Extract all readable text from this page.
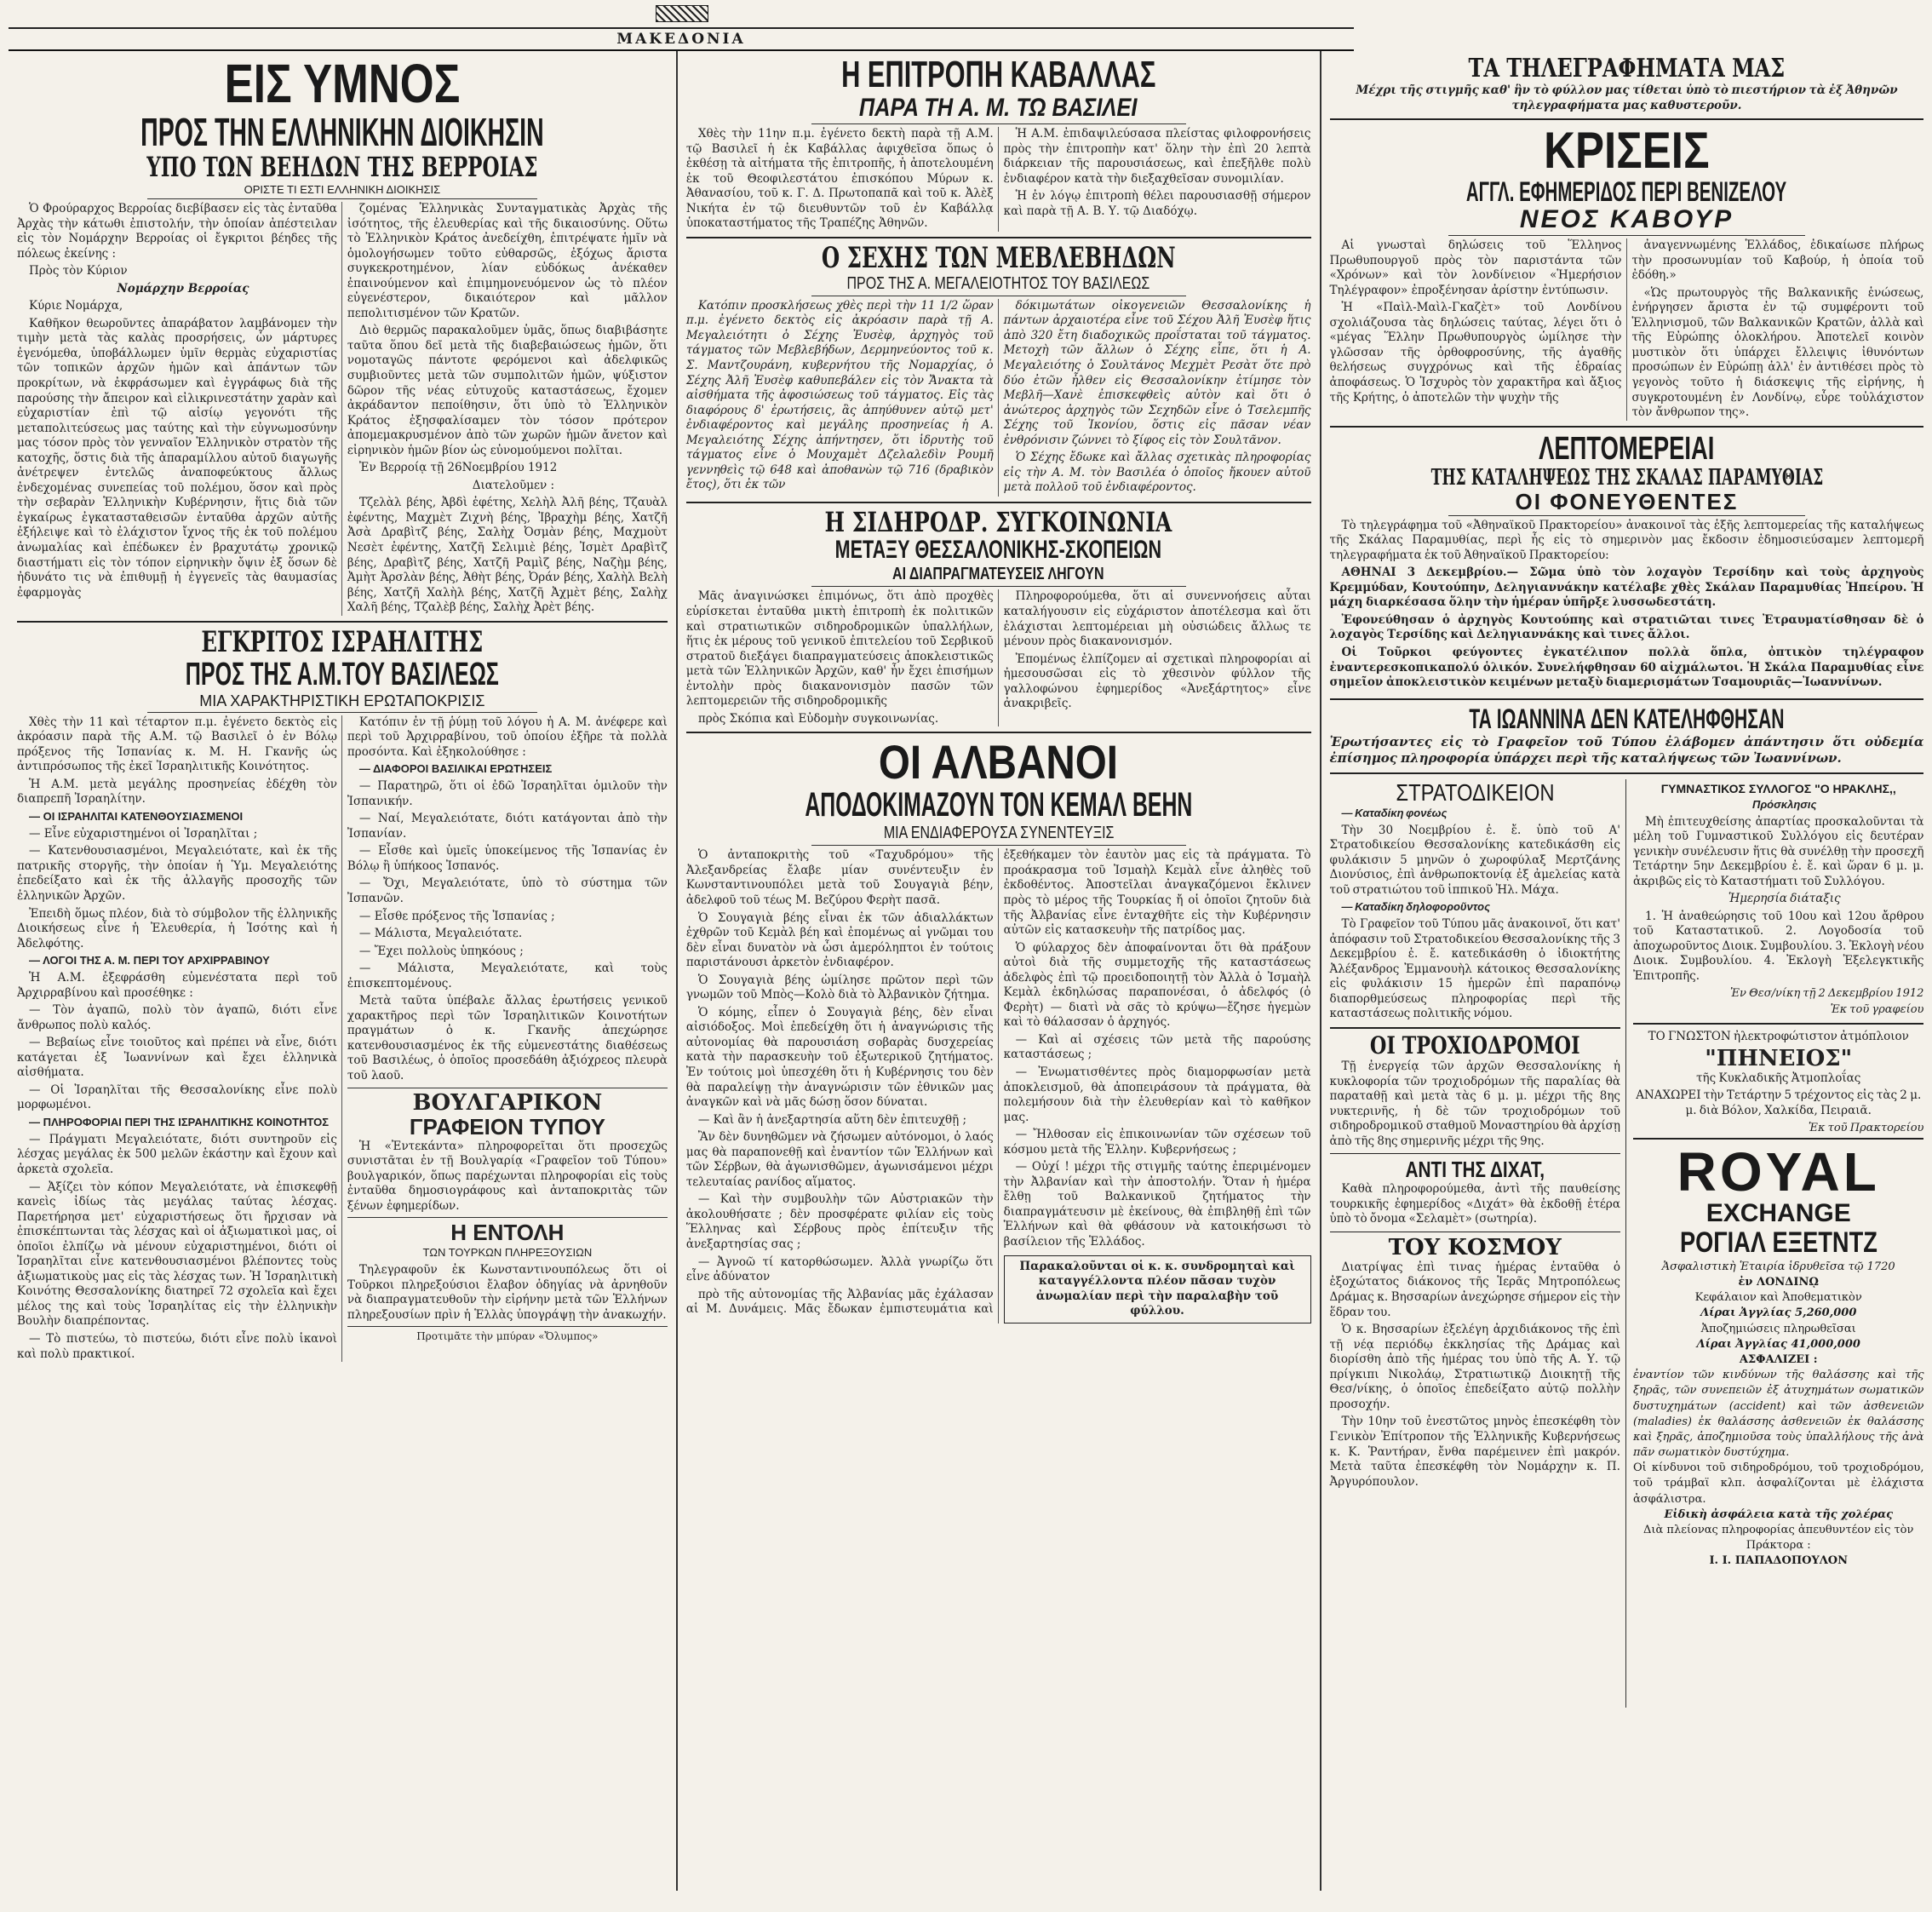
ΜΑΚΕΔΟΝΙΑ
ΕΙΣ ΥΜΝΟΣ
ΠΡΟΣ ΤΗΝ ΕΛΛΗΝΙΚΗΝ ΔΙΟΙΚΗΣΙΝ
ΥΠΟ ΤΩΝ ΒΕΗΔΩΝ ΤΗΣ ΒΕΡΡΟΙΑΣ
ΟΡΙΣΤΕ ΤΙ ΕΣΤΙ ΕΛΛΗΝΙΚΗ ΔΙΟΙΚΗΣΙΣ

Ὁ Φρούραρχος Βερροίας διεβίβασεν εἰς τὰς ἐνταῦθα Ἀρχὰς τὴν κάτωθι ἐπιστολήν, τὴν ὁποίαν ἀπέστειλαν εἰς τὸν Νομάρχην Βερροίας οἱ ἔγκριτοι βέηδες τῆς πόλεως ἐκείνης :

Πρὸς τὸν Κύριον

Νομάρχην Βερροίας

Κύριε Νομάρχα,

Καθῆκον θεωροῦντες ἀπαράβατον λαμβάνομεν τὴν τιμὴν μετὰ τὰς καλὰς προσρήσεις, ὧν μάρτυρες ἐγενόμεθα, ὑποβάλλωμεν ὑμῖν θερμὰς εὐχαριστίας τῶν τοπικῶν ἀρχῶν ἡμῶν καὶ ἁπάντων τῶν προκρίτων, νὰ ἐκφράσωμεν καὶ ἐγγράφως διὰ τῆς παρούσης τὴν ἄπειρον καὶ εἰλικρινεστάτην χαρὰν καὶ εὐχαριστίαν ἐπὶ τῷ αἰσίῳ γεγονότι τῆς μεταπολιτεύσεως μας ταύτης καὶ τὴν εὐγνωμοσύνην μας τόσον πρὸς τὸν γενναῖον Ἑλληνικὸν στρατὸν τῆς κατοχῆς, ὅστις διὰ τῆς ἀπαραμίλλου αὐτοῦ διαγωγῆς ἀνέτρεψεν ἐντελῶς ἀναποφεύκτους ἄλλως ἐνδεχομένας συνεπείας τοῦ πολέμου, ὅσον καὶ πρὸς τὴν σεβαρὰν Ἑλληνικὴν Κυβέρνησιν, ἥτις διὰ τῶν ἐγκαίρως ἐγκατασταθεισῶν ἐνταῦθα ἀρχῶν αὐτῆς ἐξήλειψε καὶ τὸ ἐλάχιστον ἴχνος τῆς ἐκ τοῦ πολέμου ἀνωμαλίας καὶ ἐπέδωκεν ἐν βραχυτάτῳ χρονικῷ διαστήματι εἰς τὸν τόπον εἰρηνικὴν ὄψιν ἐξ ὅσων δὲ ἠδυνάτο τις νὰ ἐπιθυμῇ ἠ ἐγγενεῖς τὰς θαυμασίας ἐφαρμογὰς

ζομένας Ἑλληνικὰς Συνταγματικὰς Ἀρχὰς τῆς ἰσότητος, τῆς ἐλευθερίας καὶ τῆς δικαιοσύνης. Οὕτω τὸ Ἑλληνικὸν Κράτος ἀνεδείχθη, ἐπιτρέψατε ἡμῖν νὰ ὁμολογήσωμεν τοῦτο εὐθαρσῶς, ἐξόχως ἄριστα συγκεκροτημένον, λίαν εὐδόκως ἀνέκαθεν ἐπαινούμενον καὶ ἐπιμημονευόμενον ὡς τὸ πλέον εὐγενέστερον, δικαιότερον καὶ μᾶλλον πεπολιτισμένον τῶν Κρατῶν.

Διὸ θερμῶς παρακαλοῦμεν ὑμᾶς, ὅπως διαβιβάσητε ταῦτα ὅπου δεῖ μετὰ τῆς διαβεβαιώσεως ἡμῶν, ὅτι νομοταγῶς πάντοτε φερόμενοι καὶ ἀδελφικῶς συμβιοῦντες μετὰ τῶν συμπολιτῶν ἡμῶν, ψύξιστον δῶρον τῆς νέας εὐτυχοῦς καταστάσεως, ἔχομεν ἀκράδαντον πεποίθησιν, ὅτι ὑπὸ τὸ Ἑλληνικὸν Κράτος ἐξησφαλίσαμεν τὸν τόσον πρότερον ἀπομεμακρυσμένον ἀπὸ τῶν χωρῶν ἡμῶν ἄνετον καὶ εἰρηνικὸν ἡμῶν βίον ὡς εὐνομούμενοι πολῖται.

Ἐν Βερροίᾳ τῇ 26Νοεμβρίου 1912

Διατελοῦμεν :

Τζελὰλ βέης, Ἀβδὶ ἐφέτης, Χελὴλ Ἀλῆ βέης, Τζαυὰλ ἐφέντης, Μαχμὲτ Ζιχνὴ βέης, Ἰβραχὴμ βέης, Χατζῆ Ἀσὰ Δραβὶτζ βέης, Σαλὴχ Ὀσμὰν βέης, Μαχμοὺτ Νεσὲτ ἐφέντης, Χατζῆ Σελιμιὲ βέης, Ἰσμὲτ Δραβὶτζ βέης, Δραβὶτζ βέης, Χατζῆ Ραμὶζ βέης, Ναζὴμ βέης, Ἀμὴτ Ἀρσλὰν βέης, Ἀθὴτ βέης, Ὀράν βέης, Χαλὴλ Βελὴ βέης, Χατζῆ Χαλὴλ βέης, Χατζῆ Ἀχμὲτ βέης, Σαλὴχ Χαλῆ βέης, Τζαλὲβ βέης, Σαλὴχ Ἀρὲτ βέης.

ΕΓΚΡΙΤΟΣ ΙΣΡΑΗΛΙΤΗΣ
ΠΡΟΣ ΤΗΣ Α.Μ.ΤΟΥ ΒΑΣΙΛΕΩΣ
ΜΙΑ ΧΑΡΑΚΤΗΡΙΣΤΙΚΗ ΕΡΩΤΑΠΟΚΡΙΣΙΣ

Χθὲς τὴν 11 καὶ τέταρτον π.μ. ἐγένετο δεκτὸς εἰς ἀκρόασιν παρὰ τῆς Α.Μ. τῷ Βασιλεῖ ὁ ἐν Βόλῳ πρόξενος τῆς Ἱσπανίας κ. Μ. Η. Γκανῆς ὡς ἀντιπρόσωπος τῆς ἐκεῖ Ἰσραηλιτικῆς Κοινότητος.

Ἡ Α.Μ. μετὰ μεγάλης προσηνείας ἐδέχθη τὸν διαπρεπῆ Ἰσραηλίτην.

— ΟΙ ΙΣΡΑΗΛΙΤΑΙ ΚΑΤΕΝΘΟΥΣΙΑΣΜΕΝΟΙ

— Εἶνε εὐχαριστημένοι οἱ Ἰσραηλῖται ;

— Κατενθουσιασμένοι, Μεγαλειότατε, καὶ ἐκ τῆς πατρικῆς στοργῆς, τὴν ὁποίαν ἡ Ὑμ. Μεγαλειότης ἐπεδείξατο καὶ ἐκ τῆς ἀλλαγῆς προσοχῆς τῶν ἑλληνικῶν Ἀρχῶν.

Ἐπειδὴ ὅμως πλέον, διὰ τὸ σύμβολον τῆς ἑλληνικῆς Διοικήσεως εἶνε ἡ Ἐλευθερία, ἡ Ἰσότης καὶ ἡ Ἀδελφότης.

— ΛΟΓΟΙ ΤΗΣ Α. Μ. ΠΕΡΙ ΤΟΥ ΑΡΧΙΡΡΑΒΙΝΟΥ

Ἡ Α.Μ. ἐξεφράσθη εὐμενέστατα περὶ τοῦ Ἀρχιρραβίνου καὶ προσέθηκε :

— Τὸν ἀγαπῶ, πολὺ τὸν ἀγαπῶ, διότι εἶνε ἄνθρωπος πολὺ καλός.

— Βεβαίως εἶνε τοιοῦτος καὶ πρέπει νὰ εἶνε, διότι κατάγεται ἐξ Ἰωαννίνων καὶ ἔχει ἑλληνικὰ αἰσθήματα.

— Οἱ Ἰσραηλῖται τῆς Θεσσαλονίκης εἶνε πολὺ μορφωμένοι.

— ΠΛΗΡΟΦΟΡΙΑΙ ΠΕΡΙ ΤΗΣ ΙΣΡΑΗΛΙΤΙΚΗΣ ΚΟΙΝΟΤΗΤΟΣ

— Πράγματι Μεγαλειότατε, διότι συντηροῦν εἰς λέσχας μεγάλας ἐκ 500 μελῶν ἑκάστην καὶ ἔχουν καὶ ἀρκετὰ σχολεῖα.

— Ἀξίζει τὸν κόπον Μεγαλειότατε, νὰ ἐπισκεφθῇ κανεὶς ἰδίως τὰς μεγάλας ταύτας λέσχας. Παρετήρησα μετ' εὐχαριστήσεως ὅτι ἤρχισαν νὰ ἐπισκέπτωνται τὰς λέσχας καὶ οἱ ἀξιωματικοὶ μας, οἱ ὁποῖοι ἐλπίζω νὰ μένουν εὐχαριστημένοι, διότι οἱ Ἰσραηλῖται εἶνε κατενθουσιασμένοι βλέποντες τοὺς ἀξιωματικοὺς μας εἰς τὰς λέσχας των. Ἡ Ἰσραηλιτικὴ Κοινότης Θεσσαλονίκης διατηρεῖ 72 σχολεῖα καὶ ἔχει μέλος της καὶ τοὺς Ἰσραηλίτας εἰς τὴν ἑλληνικὴν Βουλὴν διαπρέποντας.

— Τὸ πιστεύω, τὸ πιστεύω, διότι εἶνε πολὺ ἱκανοὶ καὶ πολὺ πρακτικοί.

Κατόπιν ἐν τῇ ῥύμῃ τοῦ λόγου ἡ Α. Μ. ἀνέφερε καὶ περὶ τοῦ Ἀρχιρραβίνου, τοῦ ὁποίου ἐξῆρε τὰ πολλὰ προσόντα. Καὶ ἐξηκολούθησε :

— ΔΙΑΦΟΡΟΙ ΒΑΣΙΛΙΚΑΙ ΕΡΩΤΗΣΕΙΣ

— Παρατηρῶ, ὅτι οἱ ἐδῶ Ἰσραηλῖται ὁμιλοῦν τὴν Ἰσπανικήν.

— Ναί, Μεγαλειότατε, διότι κατάγονται ἀπὸ τὴν Ἰσπανίαν.

— Εἶσθε καὶ ὑμεῖς ὑποκείμενος τῆς Ἰσπανίας ἐν Βόλῳ ἢ ὑπήκοος Ἰσπανός.

— Ὄχι, Μεγαλειότατε, ὑπὸ τὸ σύστημα τῶν Ἰσπανῶν.

— Εἶσθε πρόξενος τῆς Ἰσπανίας ;

— Μάλιστα, Μεγαλειότατε.

— Ἔχει πολλοὺς ὑπηκόους ;

— Μάλιστα, Μεγαλειότατε, καὶ τοὺς ἐπισκεπτομένους.

Μετὰ ταῦτα ὑπέβαλε ἄλλας ἐρωτήσεις γενικοῦ χαρακτῆρος περὶ τῶν Ἰσραηλιτικῶν Κοινοτήτων πραγμάτων ὁ κ. Γκανῆς ἀπεχώρησε κατενθουσιασμένος ἐκ τῆς εὐμενεστάτης διαθέσεως τοῦ Βασιλέως, ὁ ὁποῖος προσεδάθη ἀξιόχρεος πλευρὰ τοῦ λαοῦ.

ΒΟΥΛΓΑΡΙΚΟΝ
ΓΡΑΦΕΙΟΝ ΤΥΠΟΥ

Ἡ «Ἐντεκάντα» πληροφορεῖται ὅτι προσεχῶς συνιστᾶται ἐν τῇ Βουλγαρίᾳ «Γραφεῖον τοῦ Τύπου» βουλγαρικόν, ὅπως παρέχωνται πληροφορίαι εἰς τοὺς ἐνταῦθα δημοσιογράφους καὶ ἀνταποκριτὰς τῶν ξένων ἐφημερίδων.

Η ΕΝΤΟΛΗ
ΤΩΝ ΤΟΥΡΚΩΝ ΠΛΗΡΕΞΟΥΣΙΩΝ

Τηλεγραφοῦν ἐκ Κωνσταντινουπόλεως ὅτι οἱ Τοῦρκοι πληρεξούσιοι ἔλαβον ὁδηγίας νὰ ἀρνηθοῦν νὰ διαπραγματευθοῦν τὴν εἰρήνην μετὰ τῶν Ἑλλήνων πληρεξουσίων πρὶν ἡ Ἑλλὰς ὑπογράψῃ τὴν ἀνακωχήν.

Προτιμᾶτε τὴν μπύραν «Ὄλυμπος»

Η ΕΠΙΤΡΟΠΗ ΚΑΒΑΛΛΑΣ
ΠΑΡΑ ΤΗ Α. Μ. ΤΩ ΒΑΣΙΛΕΙ

Χθὲς τὴν 11ην π.μ. ἐγένετο δεκτὴ παρὰ τῇ Α.Μ. τῷ Βασιλεῖ ἡ ἐκ Καβάλλας ἀφιχθεῖσα ὅπως ὁ ἐκθέσῃ τὰ αἰτήματα τῆς ἐπιτροπῆς, ἡ ἀποτελουμένη ἐκ τοῦ Θεοφιλεστάτου ἐπισκόπου Μύρων κ. Ἀθανασίου, τοῦ κ. Γ. Δ. Πρωτοπαπᾶ καὶ τοῦ κ. Ἀλὲξ Νικήτα ἐν τῷ διευθυντῶν τοῦ ἐν Καβάλλᾳ ὑποκαταστήματος τῆς Τραπέζης Ἀθηνῶν.

Ἡ Α.Μ. ἐπιδαψιλεύσασα πλείστας φιλοφρονήσεις πρὸς τὴν ἐπιτροπὴν κατ' ὅλην τὴν ἐπὶ 20 λεπτὰ διάρκειαν τῆς παρουσιάσεως, καὶ ἐπεξῆλθε πολὺ ἐνδιαφέρον κατὰ τὴν διεξαχθεῖσαν συνομιλίαν.

Ἡ ἐν λόγῳ ἐπιτροπὴ θέλει παρουσιασθῇ σήμερον καὶ παρὰ τῇ Α. Β. Υ. τῷ Διαδόχῳ.

Ο ΣΕΧΗΣ ΤΩΝ ΜΕΒΛΕΒΗΔΩΝ
ΠΡΟΣ ΤΗΣ Α. ΜΕΓΑΛΕΙΟΤΗΤΟΣ ΤΟΥ ΒΑΣΙΛΕΩΣ

Κατόπιν προσκλήσεως χθὲς περὶ τὴν 11 1/2 ὥραν π.μ. ἐγένετο δεκτὸς εἰς ἀκρόασιν παρὰ τῇ Α. Μεγαλειότητι ὁ Σέχης Ἐυσὲφ, ἀρχηγὸς τοῦ τάγματος τῶν Μεβλεβήδων, Δερμηνεύοντος τοῦ κ. Σ. Μαντζουράνη, κυβερνήτου τῆς Νομαρχίας, ὁ Σέχης Ἀλῆ Ἐυσὲφ καθυπεβάλεν εἰς τὸν Ἄνακτα τὰ αἰσθήματα τῆς ἀφοσιώσεως τοῦ τάγματος. Εἰς τὰς διαφόρους δ' ἐρωτήσεις, ἃς ἀπηύθυνεν αὐτῷ μετ' ἐνδιαφέροντος καὶ μεγάλης προσηνείας ἡ Α. Μεγαλειότης Σέχης ἀπήντησεν, ὅτι ἱδρυτὴς τοῦ τάγματος εἶνε ὁ Μουχαμὲτ Δζελαλεδὶν Ρουμῆ γεννηθεὶς τῷ 648 καὶ ἀποθανὼν τῷ 716 (δραβικὸν ἔτος), ὅτι ἐκ τῶν

δόκιμωτάτων οἰκογενειῶν Θεσσαλονίκης ἡ πάντων ἀρχαιοτέρα εἶνε τοῦ Σέχου Ἀλῆ Ἐυσὲφ ἥτις ἀπὸ 320 ἔτη διαδοχικῶς προΐσταται τοῦ τάγματος. Μετοχὴ τῶν ἄλλων ὁ Σέχης εἶπε, ὅτι ἡ Α. Μεγαλειότης ὁ Σουλτάνος Μεχμὲτ Ρεσὰτ ὅτε πρὸ δύο ἐτῶν ἦλθεν εἰς Θεσσαλονίκην ἐτίμησε τὸν Μεβλῆ—Χανὲ ἐπισκεφθεὶς αὐτὸν καὶ ὅτι ὁ ἀνώτερος ἀρχηγὸς τῶν Σεχηδῶν εἶνε ὁ Τσελεμπῆς Σέχης τοῦ Ἰκονίου, ὅστις εἰς πᾶσαν νέαν ἐνθρόνισιν ζώννει τὸ ξίφος εἰς τὸν Σουλτᾶνον.

Ὁ Σέχης ἔδωκε καὶ ἄλλας σχετικὰς πληροφορίας εἰς τὴν Α. Μ. τὸν Βασιλέα ὁ ὁποῖος ἤκουεν αὐτοῦ μετὰ πολλοῦ τοῦ ἐνδιαφέροντος.

Η ΣΙΔΗΡΟΔΡ. ΣΥΓΚΟΙΝΩΝΙΑ
ΜΕΤΑΞΥ ΘΕΣΣΑΛΟΝΙΚΗΣ-ΣΚΟΠΕΙΩΝ
ΑΙ ΔΙΑΠΡΑΓΜΑΤΕΥΣΕΙΣ ΛΗΓΟΥΝ

Μᾶς ἀναγινώσκει ἐπιμόνως, ὅτι ἀπὸ προχθὲς εὑρίσκεται ἐνταῦθα μικτὴ ἐπιτροπὴ ἐκ πολιτικῶν καὶ στρατιωτικῶν σιδηροδρομικῶν ὑπαλλήλων, ἥτις ἐκ μέρους τοῦ γενικοῦ ἐπιτελείου τοῦ Σερβικοῦ στρατοῦ διεξάγει διαπραγματεύσεις ἀποκλειστικῶς μετὰ τῶν Ἑλληνικῶν Ἀρχῶν, καθ' ἦν ἔχει ἐπισήμων ἐντολὴν πρὸς διακανονισμὸν πασῶν τῶν λεπτομερειῶν τῆς σιδηροδρομικῆς

πρὸς Σκόπια καὶ Εὐδομὴν συγκοινωνίας.

Πληροφορούμεθα, ὅτι αἱ συνεννοήσεις αὗται καταλήγουσιν εἰς εὐχάριστον ἀποτέλεσμα καὶ ὅτι ἐλάχισται λεπτομέρειαι μὴ οὐσιώδεις ἄλλως τε μένουν πρὸς διακανονισμόν.

Ἐπομένως ἐλπίζομεν αἱ σχετικαὶ πληροφορίαι αἱ ἠμεσουσῶσαι εἰς τὸ χθεσινὸν φύλλον τῆς γαλλοφώνου ἐφημερίδος «Ἀνεξάρτητος» εἶνε ἀνακριβεῖς.

ΟΙ ΑΛΒΑΝΟΙ
ΑΠΟΔΟΚΙΜΑΖΟΥΝ ΤΟΝ ΚΕΜΑΛ ΒΕΗΝ
ΜΙΑ ΕΝΔΙΑΦΕΡΟΥΣΑ ΣΥΝΕΝΤΕΥΞΙΣ

Ὁ ἀνταποκριτὴς τοῦ «Ταχυδρόμου» τῆς Ἀλεξανδρείας ἔλαβε μίαν συνέντευξιν ἐν Κωνσταντινουπόλει μετὰ τοῦ Σουγαγιὰ βέην, ἀδελφοῦ τοῦ τέως Μ. Βεζύρου Φερὴτ πασᾶ.

Ὁ Σουγαγιὰ βέης εἶναι ἐκ τῶν ἀδιαλλάκτων ἐχθρῶν τοῦ Κεμὰλ βέη καὶ ἐπομένως αἱ γνῶμαι του δὲν εἶναι δυνατὸν νὰ ὦσι ἀμερόληπτοι ἐν τούτοις παριστάνουσι ἀρκετὸν ἐνδιαφέρον.

Ὁ Σουγαγιὰ βέης ὡμίλησε πρῶτον περὶ τῶν γνωμῶν τοῦ Μπὸς—Κολὸ διὰ τὸ Ἀλβανικὸν ζήτημα.

Ὁ κόμης, εἶπεν ὁ Σουγαγιὰ βέης, δὲν εἶναι αἰσιόδοξος. Μοὶ ἐπεδείχθη ὅτι ἡ ἀναγνώρισις τῆς αὐτονομίας θὰ παρουσιάση σοβαρὰς δυσχερείας κατὰ τὴν παρασκευὴν τοῦ ἐξωτερικοῦ ζητήματος. Ἐν τούτοις μοὶ ὑπεσχέθη ὅτι ἡ Κυβέρνησις του δὲν θὰ παραλείψῃ τὴν ἀναγνώρισιν τῶν ἐθνικῶν μας ἀναγκῶν καὶ νὰ μᾶς δώσῃ ὅσον δύναται.

— Καὶ ἂν ἡ ἀνεξαρτησία αὕτη δὲν ἐπιτευχθῇ ;

Ἂν δὲν δυνηθῶμεν νὰ ζήσωμεν αὐτόνομοι, ὁ λαός μας θὰ παραπονεθῇ καὶ ἐναντίον τῶν Ἑλλήνων καὶ τῶν Σέρβων, θὰ ἀγωνισθῶμεν, ἀγωνισάμενοι μέχρι τελευταίας ρανίδος αἵματος.

— Καὶ τὴν συμβουλὴν τῶν Αὐστριακῶν τὴν ἀκολουθήσατε ; δὲν προσφέρατε φιλίαν εἰς τοὺς Ἕλληνας καὶ Σέρβους πρὸς ἐπίτευξιν τῆς ἀνεξαρτησίας σας ;

— Ἀγνοῶ τί κατορθώσωμεν. Ἀλλὰ γνωρίζω ὅτι εἶνε ἀδύνατον

πρὸ τῆς αὐτονομίας τῆς Ἀλβανίας μᾶς ἐχάλασαν αἱ Μ. Δυνάμεις. Μᾶς ἔδωκαν ἐμπιστευμάτια καὶ ἐξεθήκαμεν τὸν ἑαυτὸν μας εἰς τὰ πράγματα. Τὸ προάκρασμα τοῦ Ἰσμαὴλ Κεμὰλ εἶνε ἀληθὲς τοῦ ἐκδοθέντος. Ἀποστεῖλαι ἀναγκαζόμενοι ἔκλινεν πρὸς τὸ μέρος τῆς Τουρκίας ἤ οἱ ὁποῖοι ζητοῦν διὰ τῆς Ἀλβανίας εἶνε ἐνταχθῆτε εἰς τὴν Κυβέρνησιν αὐτῶν εἰς κατασκευὴν τῆς πατρίδος μας.

Ὁ φύλαρχος δὲν ἀποφαίνονται ὅτι θὰ πράξουν αὐτοὶ διὰ τῆς συμμετοχῆς τῆς καταστάσεως ἀδελφὸς ἐπὶ τῷ προειδοποιητῇ τὸν Ἀλλὰ ὁ Ἰσμαὴλ Κεμὰλ ἐκδηλώσας παραπονέσαι, ὁ ἀδελφός (ὁ Φερὴτ) — διατὶ νὰ σᾶς τὸ κρύψω—ἔζησε ἡγεμὼν καὶ τὸ θάλασσαν ὁ ἀρχηγός.

— Καὶ αἱ σχέσεις τῶν μετὰ τῆς παρούσης καταστάσεως ;

— Ἐνωματισθέντες πρὸς διαμορφωσίαν μετὰ ἀποκλεισμοῦ, θὰ ἀποπειράσουν τὰ πράγματα, θὰ πολεμήσουν διὰ τὴν ἐλευθερίαν καὶ τὸ καθῆκον μας.

— Ἤλθοσαν εἰς ἐπικοινωνίαν τῶν σχέσεων τοῦ κόσμου μετὰ τῆς Ἑλλην. Κυβερνήσεως ;

— Οὐχί ! μέχρι τῆς στιγμῆς ταύτης ἐπεριμένομεν τὴν Ἀλβανίαν καὶ τὴν ἀποστολήν. Ὅταν ἡ ἡμέρα ἔλθῃ τοῦ Βαλκανικοῦ ζητήματος τὴν διαπραγμάτευσιν μὲ ἐκείνους, θὰ ἐπιβληθῇ ἐπὶ τῶν Ἑλλήνων καὶ θὰ φθάσουν νὰ κατοικήσωσι τὸ βασίλειον τῆς Ἑλλάδος.

Παρακαλοῦνται οἱ κ. κ. συνδρομηταὶ καὶ καταγγέλλοντα πλέον πᾶσαν τυχὸν ἀνωμαλίαν περὶ τὴν παραλαβὴν τοῦ φύλλου.
ΤΑ ΤΗΛΕΓΡΑΦΗΜΑΤΑ ΜΑΣ
Μέχρι τῆς στιγμῆς καθ' ἣν τὸ φύλλον μας τίθεται ὑπὸ τὸ πιεστήριον τὰ ἐξ Ἀθηνῶν τηλεγραφήματα μας καθυστεροῦν.
ΚΡΙΣΕΙΣ
ΑΓΓΛ. ΕΦΗΜΕΡΙΔΟΣ ΠΕΡΙ ΒΕΝΙΖΕΛΟΥ
ΝΕΟΣ ΚΑΒΟΥΡ

Αἱ γνωσταὶ δηλώσεις τοῦ Ἕλληνος Πρωθυπουργοῦ πρὸς τὸν παριστάντα τῶν «Χρόνων» καὶ τὸν λονδίνειον «Ἡμερήσιον Τηλέγραφον» ἐπροξένησαν ἀρίστην ἐντύπωσιν.

Ἡ «Παὶλ-Μαὶλ-Γκαζὲτ» τοῦ Λονδίνου σχολιάζουσα τὰς δηλώσεις ταύτας, λέγει ὅτι ὁ «μέγας Ἕλλην Πρωθυπουργὸς ὡμίλησε τὴν γλῶσσαν τῆς ὀρθοφροσύνης, τῆς ἀγαθῆς θελήσεως συγχρόνως καὶ τῆς ἑδραίας ἀποφάσεως. Ὁ Ἰσχυρὸς τὸν χαρακτῆρα καὶ ἄξιος τῆς Κρήτης, ὁ ἀποτελῶν τὴν ψυχὴν τῆς

ἀναγεννωμένης Ἑλλάδος, ἐδικαίωσε πλήρως τὴν προσωνυμίαν τοῦ Καβούρ, ἡ ὁποία τοῦ ἐδόθη.»

«Ὡς πρωτουργὸς τῆς Βαλκανικῆς ἑνώσεως, ἐνήργησεν ἄριστα ἐν τῷ συμφέροντι τοῦ Ἑλληνισμοῦ, τῶν Βαλκανικῶν Κρατῶν, ἀλλὰ καὶ τῆς Εὐρώπης ὁλοκλήρου. Ἀποτελεῖ κοινὸν μυστικὸν ὅτι ὑπάρχει ἔλλειψις ἰθυνόντων προσώπων ἐν Εὐρώπῃ ἀλλ' ἐν ἀντιθέσει πρὸς τὸ γεγονὸς τοῦτο ἡ διάσκεψις τῆς εἰρήνης, ἡ συγκροτουμένη ἐν Λονδίνῳ, εὗρε τοὐλάχιστον τὸν ἄνθρωπον της».

ΛΕΠΤΟΜΕΡΕΙΑΙ
ΤΗΣ ΚΑΤΑΛΗΨΕΩΣ ΤΗΣ ΣΚΑΛΑΣ ΠΑΡΑΜΥΘΙΑΣ
ΟΙ ΦΟΝΕΥΘΕΝΤΕΣ

Τὸ τηλεγράφημα τοῦ «Ἀθηναϊκοῦ Πρακτορείου» ἀνακοινοῖ τὰς ἑξῆς λεπτομερείας τῆς καταλήψεως τῆς Σκάλας Παραμυθίας, περὶ ἧς εἰς τὸ σημερινὸν μας ἔκδοσιν ἐδημοσιεύσαμεν λεπτομερῆ τηλεγραφήματα ἐκ τοῦ Ἀθηναϊκοῦ Πρακτορείου:

ΑΘΗΝΑΙ 3 Δεκεμβρίου.— Σῶμα ὑπὸ τὸν λοχαγὸν Τερσίδην καὶ τοὺς ἀρχηγοὺς Κρεμμύδαν, Κουτούπην, Δεληγιαννάκην κατέλαβε χθὲς Σκάλαν Παραμυθίας Ἠπείρου. Ἡ μάχη διαρκέσασα ὅλην τὴν ἡμέραν ὑπῆρξε λυσσωδεστάτη.

Ἐφονεύθησαν ὁ ἀρχηγὸς Κουτούπης καὶ στρατιῶται τινες Ἐτραυματίσθησαν δὲ ὁ λοχαγὸς Τερσίδης καὶ Δεληγιαννάκης καὶ τινες ἄλλοι.

Οἱ Τοῦρκοι φεύγοντες ἐγκατέλιπον πολλὰ ὅπλα, ὀπτικὸν τηλέγραφον ἐναντερεσκοπικαπολύ ὁλικόν. Συνελήφθησαν 60 αἰχμάλωτοι. Ἡ Σκάλα Παραμυθίας εἶνε σημεῖον ἀποκλειστικὸν κειμένων μεταξὺ διαμερισμάτων Τσαμουριᾶς—Ἰωαννίνων.

ΤΑ ΙΩΑΝΝΙΝΑ ΔΕΝ ΚΑΤΕΛΗΦΘΗΣΑΝ
Ἐρωτήσαντες εἰς τὸ Γραφεῖον τοῦ Τύπου ἐλάβομεν ἀπάντησιν ὅτι οὐδεμία ἐπίσημος πληροφορία ὑπάρχει περὶ τῆς καταλήψεως τῶν Ἰωαννίνων.
ΣΤΡΑΤΟΔΙΚΕΙΟΝ

— Καταδίκη φονέως

Τὴν 30 Νοεμβρίου ἐ. ἔ. ὑπὸ τοῦ Α' Στρατοδικείου Θεσσαλονίκης κατεδικάσθη εἰς φυλάκισιν 5 μηνῶν ὁ χωροφύλαξ Μερτζάνης Διονύσιος, ἐπὶ ἀνθρωποκτονίᾳ ἐξ ἀμελείας κατὰ τοῦ στρατιώτου τοῦ ἱππικοῦ Ἠλ. Μάχα.

— Καταδίκη δηλοφοροῦντος

Τὸ Γραφεῖον τοῦ Τύπου μᾶς ἀνακοινοῖ, ὅτι κατ' ἀπόφασιν τοῦ Στρατοδικείου Θεσσαλονίκης τῆς 3 Δεκεμβρίου ἐ. ἔ. κατεδικάσθη ὁ ἰδιοκτήτης Ἀλέξανδρος Ἐμμανουὴλ κάτοικος Θεσσαλονίκης εἰς φυλάκισιν 15 ἡμερῶν ἐπὶ παραπόνῳ διαπορθμεύσεως πληροφορίας περὶ τῆς καταστάσεως πολιτικῆς νόμου.

ΟΙ ΤΡΟΧΙΟΔΡΟΜΟΙ

Τῇ ἐνεργείᾳ τῶν ἀρχῶν Θεσσαλονίκης ἡ κυκλοφορία τῶν τροχιοδρόμων τῆς παραλίας θὰ παραταθῇ καὶ μετὰ τὰς 6 μ. μ. μέχρι τῆς 8ης νυκτερινῆς, ἡ δὲ τῶν τροχιοδρόμων τοῦ σιδηροδρομικοῦ σταθμοῦ Μοναστηρίου θὰ ἀρχίσῃ ἀπὸ τῆς 8ης σημερινῆς μέχρι τῆς 9ης.

ΑΝΤΙ ΤΗΣ ΔΙΧΑΤ,

Καθὰ πληροφορούμεθα, ἀντὶ τῆς παυθείσης τουρκικῆς ἐφημερίδος «Διχάτ» θὰ ἐκδοθῇ ἑτέρα ὑπὸ τὸ ὄνομα «Σελαμὲτ» (σωτηρία).

ΤΟΥ ΚΟΣΜΟΥ

Διατρίψας ἐπὶ τινας ἡμέρας ἐνταῦθα ὁ ἐξοχώτατος διάκονος τῆς Ἱερᾶς Μητροπόλεως Δράμας κ. Βησσαρίων ἀνεχώρησε σήμερον εἰς τὴν ἕδραν του.

Ὁ κ. Βησσαρίων ἐξελέγη ἀρχιδιάκονος τῆς ἐπὶ τῇ νέᾳ περιόδῳ ἐκκλησίας τῆς Δράμας καὶ διορίσθη ἀπὸ τῆς ἡμέρας του ὑπὸ τῆς Α. Υ. τῷ πρίγκιπι Νικολάῳ, Στρατιωτικῷ Διοικητῇ τῆς Θεσ/νίκης, ὁ ὁποῖος ἐπεδείξατο αὐτῷ πολλὴν προσοχήν.

Τὴν 10ην τοῦ ἐνεστῶτος μηνὸς ἐπεσκέφθη τὸν Γενικὸν Ἐπίτροπον τῆς Ἑλληνικῆς Κυβερνήσεως κ. Κ. Ῥαντήραν, ἔνθα παρέμεινεν ἐπὶ μακρόν. Μετὰ ταῦτα ἐπεσκέφθη τὸν Νομάρχην κ. Π. Ἀργυρόπουλον.

ΓΥΜΝΑΣΤΙΚΟΣ ΣΥΛΛΟΓΟΣ "Ο ΗΡΑΚΛΗΣ,,

Πρόσκλησις

Μὴ ἐπιτευχθείσης ἀπαρτίας προσκαλοῦνται τὰ μέλη τοῦ Γυμναστικοῦ Συλλόγου εἰς δευτέραν γενικὴν συνέλευσιν ἥτις θὰ συνέλθῃ τὴν προσεχῆ Τετάρτην 5ην Δεκεμβρίου ἐ. ἔ. καὶ ὥραν 6 μ. μ. ἀκριβῶς εἰς τὸ Καταστήματι τοῦ Συλλόγου.

Ἡμερησία διάταξις

1. Ἡ ἀναθεώρησις τοῦ 10ου καὶ 12ου ἄρθρου τοῦ Καταστατικοῦ. 2. Λογοδοσία τοῦ ἀποχωροῦντος Διοικ. Συμβουλίου. 3. Ἐκλογὴ νέου Διοικ. Συμβουλίου. 4. Ἐκλογὴ Ἐξελεγκτικῆς Ἐπιτροπῆς.

Ἐν Θεσ/νίκη τῇ 2 Δεκεμβρίου 1912

Ἐκ τοῦ γραφείου

ΤΟ ΓΝΩΣΤΟΝ ἠλεκτροφώτιστον ἀτμόπλοιον

"ΠΗΝΕΙΟΣ"

τῆς Κυκλαδικῆς Ἀτμοπλοΐας

ΑΝΑΧΩΡΕΙ τὴν Τετάρτην 5 τρέχοντος εἰς τὰς 2 μ. μ. διὰ Βόλον, Χαλκίδα, Πειραιᾶ.

Ἐκ τοῦ Πρακτορείου

ROYAL
EXCHANGE
ΡΟΓΙΑΛ ΕΞΕΤΝΤΖ
Ἀσφαλιστικὴ Ἑταιρία ἱδρυθεῖσα τῷ 1720
ἐν ΛΟΝΔΙΝῼ
Κεφάλαιον καὶ Ἀποθεματικὸν
Λίραι Ἀγγλίας 5,260,000
Ἀποζημιώσεις πληρωθεῖσαι
Λίραι Ἀγγλίας 41,000,000
ΑΣΦΑΛΙΖΕΙ :
ἐναντίον τῶν κινδύνων τῆς θαλάσσης καὶ τῆς ξηρᾶς, τῶν συνεπειῶν ἐξ ἀτυχημάτων σωματικῶν δυστυχημάτων (accident) καὶ τῶν ἀσθενειῶν (maladies) ἐκ θαλάσσης ἀσθενειῶν ἐκ θαλάσσης καὶ ξηρᾶς, ἀποζημιοῦσα τοὺς ὑπαλλήλους τῆς ἀνὰ πᾶν σωματικὸν δυστύχημα.
Οἱ κίνδυνοι τοῦ σιδηροδρόμου, τοῦ τροχιοδρόμου, τοῦ τράμβαϊ κλπ. ἀσφαλίζονται μὲ ἐλάχιστα ἀσφάλιστρα.
Εἰδικὴ ἀσφάλεια κατὰ τῆς χολέρας
Διὰ πλείονας πληροφορίας ἀπευθυντέον εἰς τὸν Πράκτορα :
Ι. Ι. ΠΑΠΑΔΟΠΟΥΛΟΝ
